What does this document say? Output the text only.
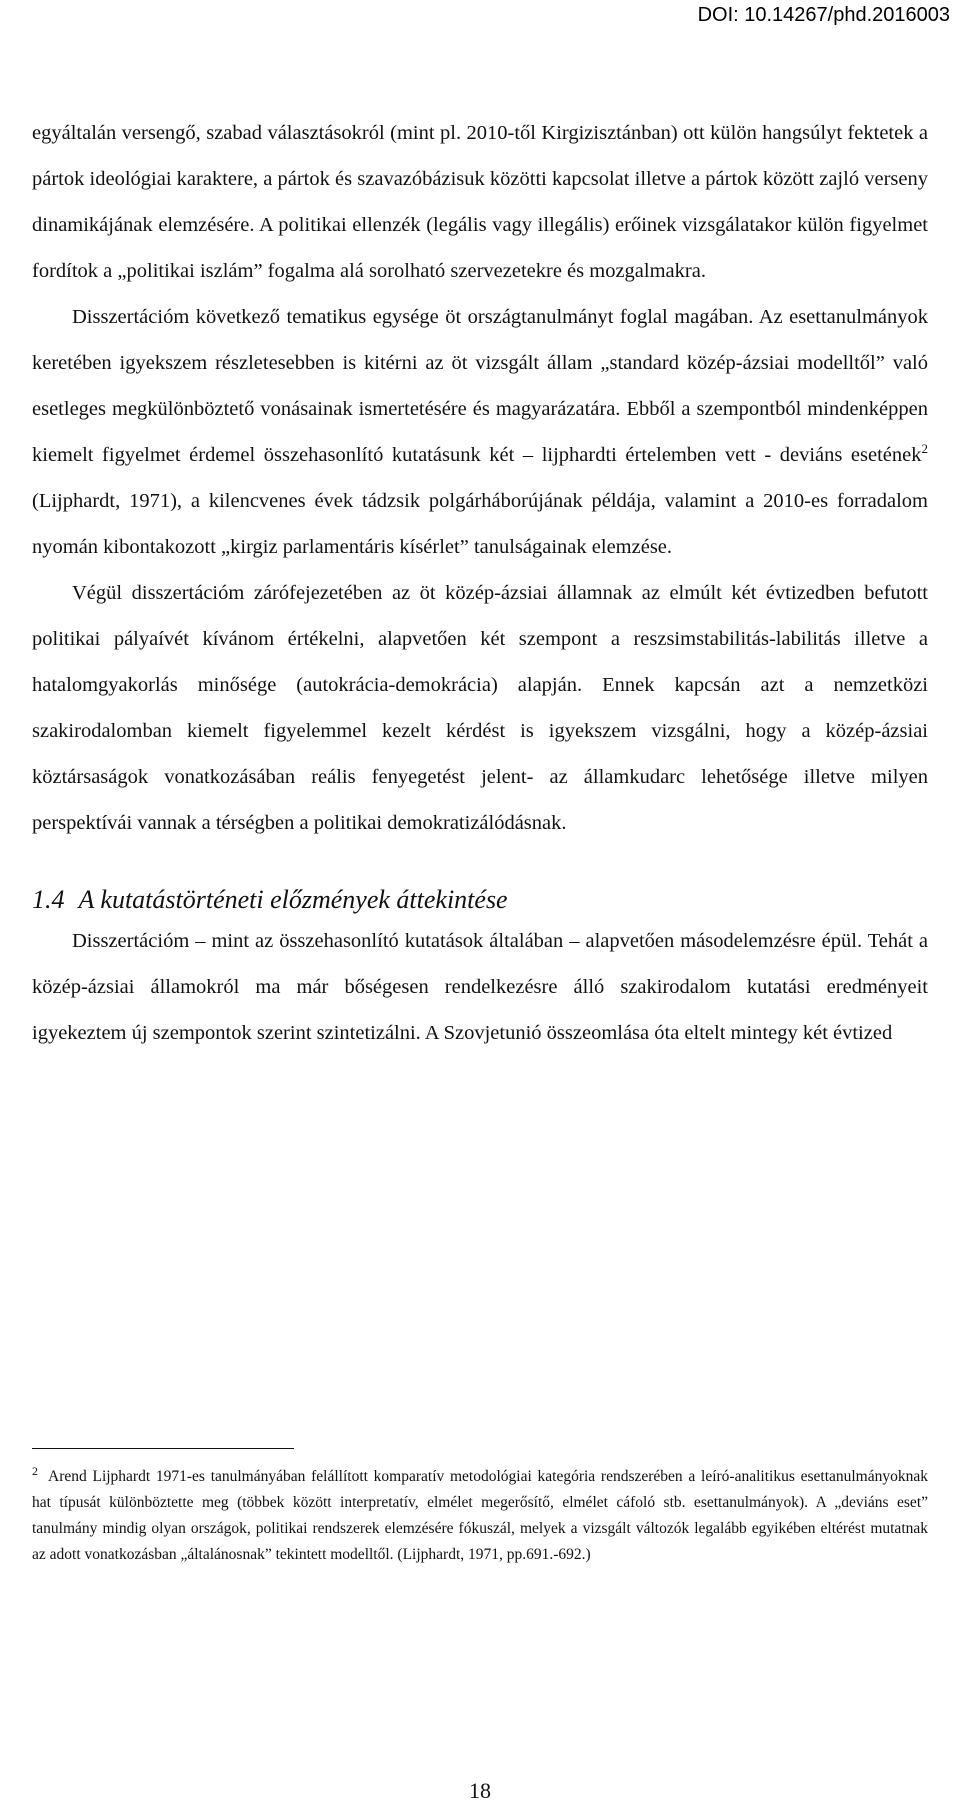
DOI: 10.14267/phd.2016003

egyáltalán versengő, szabad választásokról (mint pl. 2010-től Kirgizisztánban) ott külön hangsúlyt fektetek a pártok ideológiai karaktere, a pártok és szavazóbázisuk közötti kapcsolat illetve a pártok között zajló verseny dinamikájának elemzésére. A politikai ellenzék (legális vagy illegális) erőinek vizsgálatakor külön figyelmet fordítok a „politikai iszlám” fogalma alá sorolható szervezetekre és mozgalmakra.

Disszertációm következő tematikus egysége öt országtanulmányt foglal magában. Az esettanulmányok keretében igyekszem részletesebben is kitérni az öt vizsgált állam „standard közép-ázsiai modelltől” való esetleges megkülönböztető vonásainak ismertetésére és magyarázatára. Ebből a szempontból mindenképpen kiemelt figyelmet érdemel összehasonlító kutatásunk két – lijphardti értelemben vett - deviáns esetének$^2$ (Lijphardt, 1971), a kilencvenes évek tádzsik polgárháborújának példája, valamint a 2010-es forradalom nyomán kibontakozott „kirgiz parlamentáris kísérlet” tanulságainak elemzése.

Végül disszertációm zárófejezetében az öt közép-ázsiai államnak az elmúlt két évtizedben befutott politikai pályaívét kívánom értékelni, alapvetően két szempont a reszsimstabilitás-labilitás illetve a hatalomgyakorlás minősége (autokrácia-demokrácia) alapján. Ennek kapcsán azt a nemzetközi szakirodalomban kiemelt figyelemmel kezelt kérdést is igyekszem vizsgálni, hogy a közép-ázsiai köztársaságok vonatkozásában reális fenyegetést jelent- az államkudarc lehetősége illetve milyen perspektívái vannak a térségben a politikai demokratizálódásnak.

1.4 A kutatástörténeti előzmények áttekintése

Disszertációm – mint az összehasonlító kutatások általában – alapvetően másodelemzésre épül. Tehát a közép-ázsiai államokról ma már bőségesen rendelkezésre álló szakirodalom kutatási eredményeit igyekeztem új szempontok szerint szintetizálni. A Szovjetunió összeomlása óta eltelt mintegy két évtized

$^2$ Arend Lijphardt 1971-es tanulmányában felállított komparatív metodológiai kategória rendszerében a leíró-analitikus esettanulmányoknak hat típusát különböztette meg (többek között interpretatív, elmélet megerősítő, elmélet cáfoló stb. esettanulmányok). A „deviáns eset” tanulmány mindig olyan országok, politikai rendszerek elemzésére fókuszál, melyek a vizsgált változók legalább egyikében eltérést mutatnak az adott vonatkozásban „általánosnak” tekintett modelltől. (Lijphardt, 1971, pp.691.-692.)
18
